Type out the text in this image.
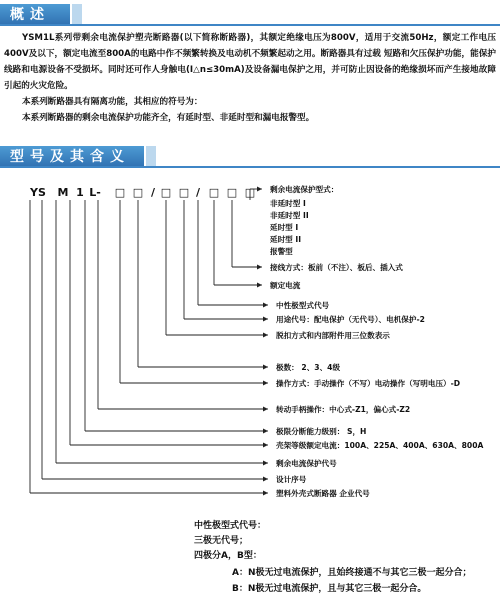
概述

YSM1L系列带剩余电流保护塑壳断路器(以下简称断路器)，其额定绝缘电压为800V，适用于交流50Hz，额定工作电压400V及以下，额定电流至800A的电路中作不频繁转换及电动机不频繁起动之用。断路器具有过载 短路和欠压保护功能，能保护线路和电源设备不受损坏。同时还可作人身触电(I△n≤30mA)及设备漏电保护之用，并可防止因设备的绝缘损坏而产生接地故障引起的火灾危险。

本系列断路器具有隔离功能，其相应的符号为：

本系列断路器的剩余电流保护功能齐全，有延时型、非延时型和漏电报警型。

型号及其含义
YS M 1 L- □ □ / □ □ / □ □ □ 剩余电流保护型式：
非延时型 I
非延时型 II
延时型 I
延时型 II
报警型
接线方式：板前（不注）、板后、插入式
额定电流
中性极型式代号
用途代号：配电保护（无代号）、电机保护-2
脱扣方式和内部附件用三位数表示
极数： 2、3、4级
操作方式：手动操作（不写）电动操作（写明电压）-D
转动手柄操作：中心式-Z1，偏心式-Z2
极限分断能力级别： S，H
壳架等级额定电流：100A、225A、400A、630A、800A
剩余电流保护代号
设计序号
塑料外壳式断路器 企业代号
中性极型式代号：
三极无代号；
四极分A，B型：
A：N极无过电流保护，且始终接通不与其它三极一起分合；
B：N极无过电流保护，且与其它三极一起分合。
